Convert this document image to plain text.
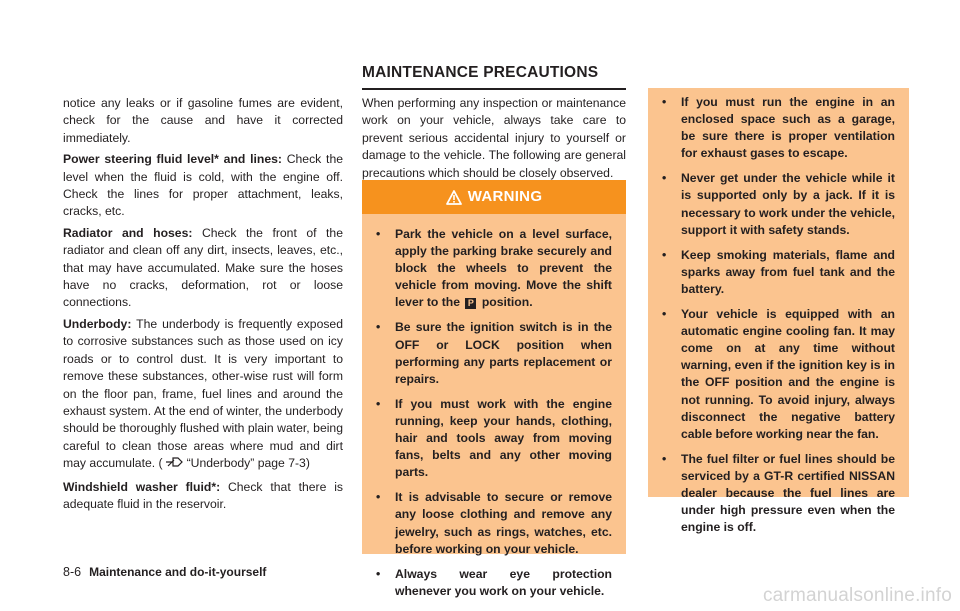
notice any leaks or if gasoline fumes are evident, check for the cause and have it corrected immediately.

Power steering fluid level* and lines: Check the level when the fluid is cold, with the engine off. Check the lines for proper attachment, leaks, cracks, etc.

Radiator and hoses: Check the front of the radiator and clean off any dirt, insects, leaves, etc., that may have accumulated. Make sure the hoses have no cracks, deformation, rot or loose connections.

Underbody: The underbody is frequently exposed to corrosive substances such as those used on icy roads or to control dust. It is very important to remove these substances, other-wise rust will form on the floor pan, frame, fuel lines and around the exhaust system. At the end of winter, the underbody should be thoroughly flushed with plain water, being careful to clean those areas where mud and dirt may accumulate. ( “Underbody” page 7-3)

Windshield washer fluid*: Check that there is adequate fluid in the reservoir.

MAINTENANCE PRECAUTIONS

When performing any inspection or maintenance work on your vehicle, always take care to prevent serious accidental injury to yourself or damage to the vehicle. The following are general precautions which should be closely observed.

WARNING
• Park the vehicle on a level surface, apply the parking brake securely and block the wheels to prevent the vehicle from moving. Move the shift lever to the P position.
• Be sure the ignition switch is in the OFF or LOCK position when performing any parts replacement or repairs.
• If you must work with the engine running, keep your hands, clothing, hair and tools away from moving fans, belts and any other moving parts.
• It is advisable to secure or remove any loose clothing and remove any jewelry, such as rings, watches, etc. before working on your vehicle.
• Always wear eye protection whenever you work on your vehicle.
• If you must run the engine in an enclosed space such as a garage, be sure there is proper ventilation for exhaust gases to escape.
• Never get under the vehicle while it is supported only by a jack. If it is necessary to work under the vehicle, support it with safety stands.
• Keep smoking materials, flame and sparks away from fuel tank and the battery.
• Your vehicle is equipped with an automatic engine cooling fan. It may come on at any time without warning, even if the ignition key is in the OFF position and the engine is not running. To avoid injury, always disconnect the negative battery cable before working near the fan.
• The fuel filter or fuel lines should be serviced by a GT-R certified NISSAN dealer because the fuel lines are under high pressure even when the engine is off.
8-6 Maintenance and do-it-yourself
carmanualsonline.info
